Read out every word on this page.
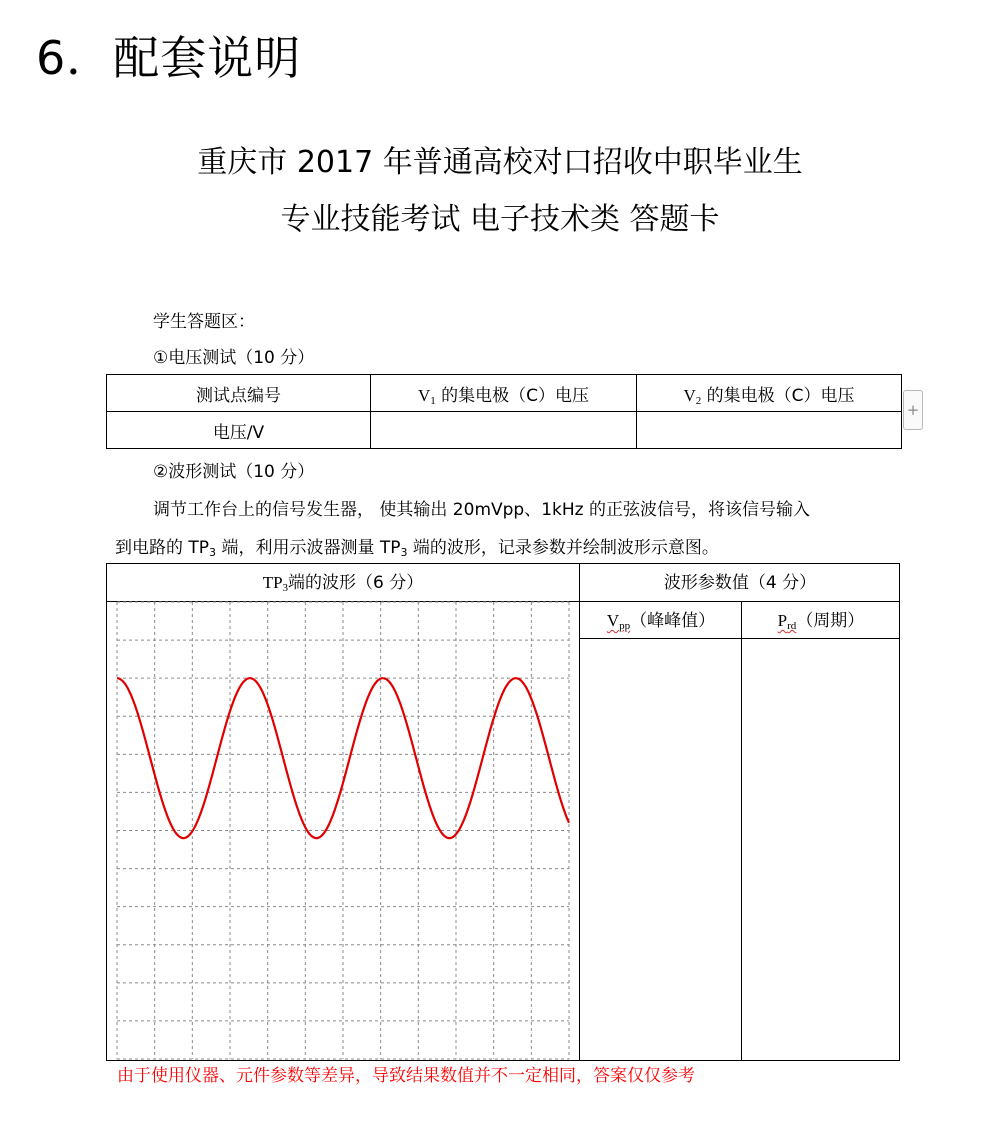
6．配套说明
重庆市 2017 年普通高校对口招收中职毕业生
专业技能考试 电子技术类 答题卡
学生答题区：
①电压测试（10 分）
测试点编号	$V_1$ 的集电极（C）电压	$V_2$ 的集电极（C）电压
电压/V		
+
②波形测试（10 分）
调节工作台上的信号发生器， 使其输出 20mVpp、1kHz 的正弦波信号，将该信号输入
到电路的 $TP_3$ 端，利用示波器测量 $TP_3$ 端的波形，记录参数并绘制波形示意图。
$TP_3$端的波形（6 分）	波形参数值（4 分）
$V_{pp}$（峰峰值）	$P_{rd}$（周期）
由于使用仪器、元件参数等差异，导致结果数值并不一定相同，答案仅仅参考
